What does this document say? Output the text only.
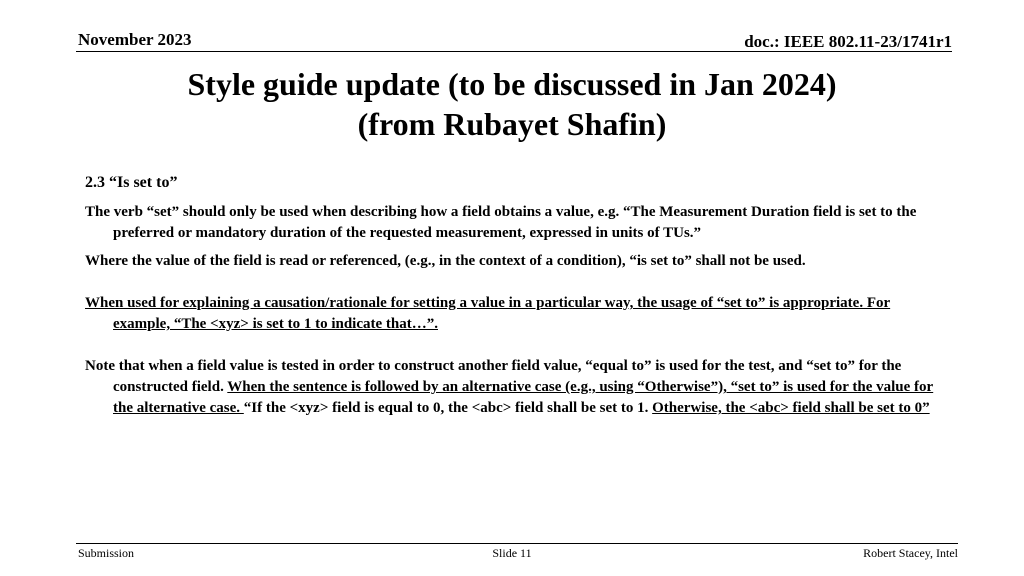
November 2023	doc.: IEEE 802.11-23/1741r1
Style guide update (to be discussed in Jan 2024)
(from Rubayet Shafin)

2.3 “Is set to”

The verb “set” should only be used when describing how a field obtains a value, e.g. “The Measurement Duration field is set to the preferred or mandatory duration of the requested measurement, expressed in units of TUs.”

Where the value of the field is read or referenced, (e.g., in the context of a condition), “is set to” shall not be used.

When used for explaining a causation/rationale for setting a value in a particular way, the usage of “set to” is appropriate. For example, “The <xyz> is set to 1 to indicate that…”.

Note that when a field value is tested in order to construct another field value, “equal to” is used for the test, and “set to” for the constructed field. When the sentence is followed by an alternative case (e.g., using “Otherwise”), “set to” is used for the value for the alternative case. “If the <xyz> field is equal to 0, the <abc> field shall be set to 1. Otherwise, the <abc> field shall be set to 0”

Submission	Slide 11	Robert Stacey, Intel
